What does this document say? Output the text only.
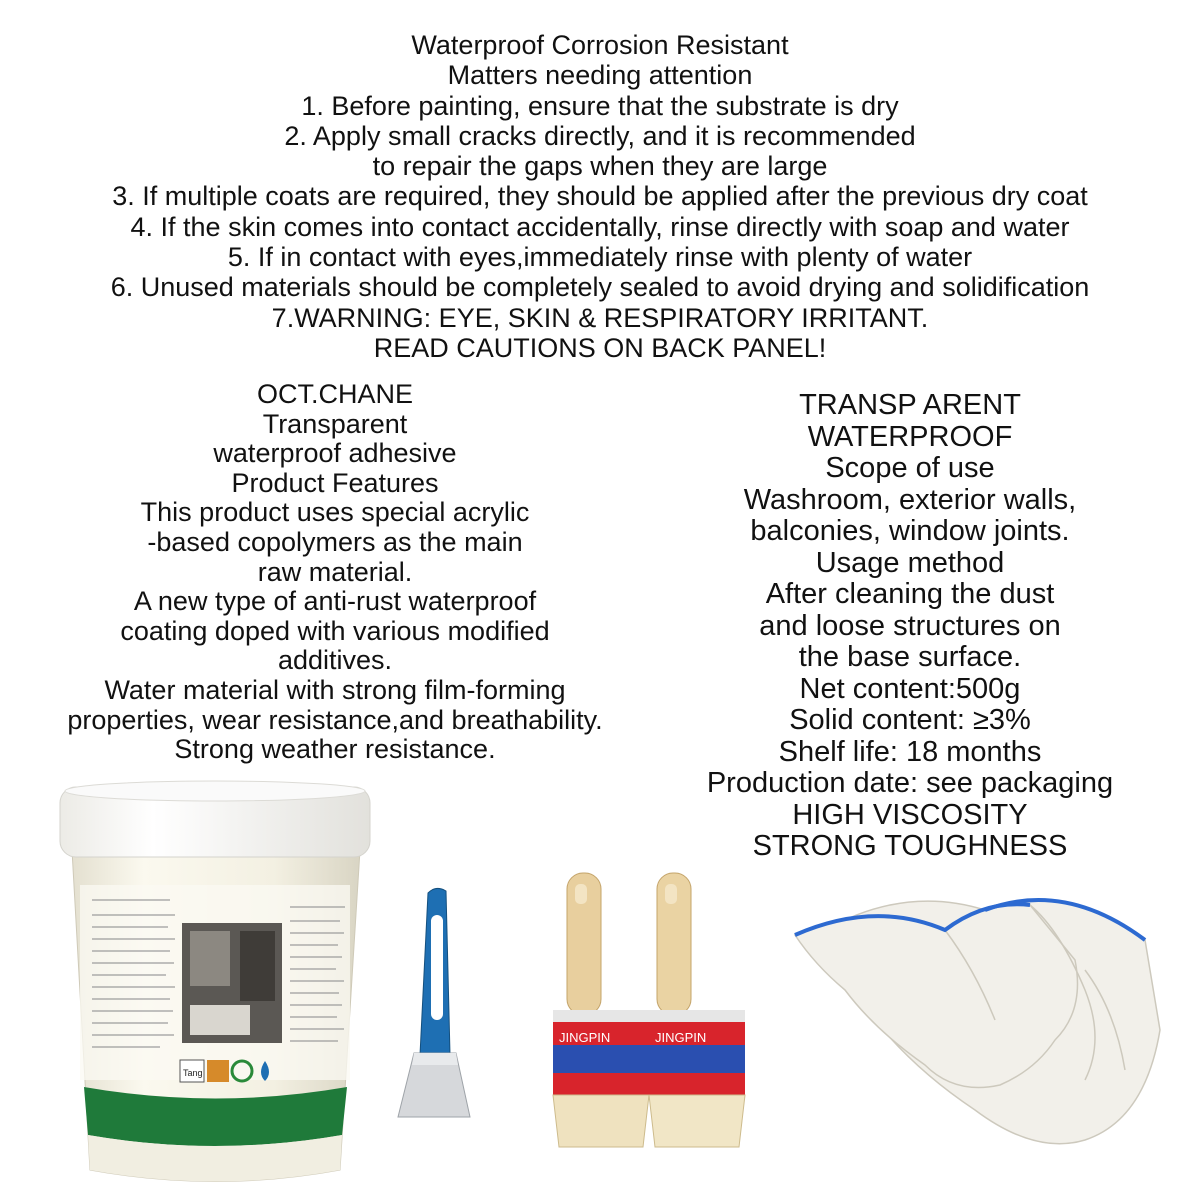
Waterproof Corrosion Resistant
Matters needing attention
1. Before painting, ensure that the substrate is dry
2. Apply small cracks directly, and it is recommended
to repair the gaps when they are large
3. If multiple coats are required, they should be applied after the previous dry coat
4. If the skin comes into contact accidentally, rinse directly with soap and water
5. If in contact with eyes,immediately rinse with plenty of water
6. Unused materials should be completely sealed to avoid drying and solidification
7.WARNING: EYE, SKIN & RESPIRATORY IRRITANT.
READ CAUTIONS ON BACK PANEL!
OCT.CHANE
Transparent
waterproof adhesive
Product Features
This product uses special acrylic
-based copolymers as the main
raw material.
A new type of anti-rust waterproof
coating doped with various modified
additives.
Water material with strong film-forming
properties, wear resistance,and breathability.
Strong weather resistance.
TRANSP ARENT
WATERPROOF
Scope of use
Washroom, exterior walls,
balconies, window joints.
Usage method
After cleaning the dust
and loose structures on
the base surface.
Net content:500g
Solid content: ≥3%
Shelf life: 18 months
Production date: see packaging
HIGH VISCOSITY
STRONG TOUGHNESS
Tang
JINGPIN	JINGPIN
